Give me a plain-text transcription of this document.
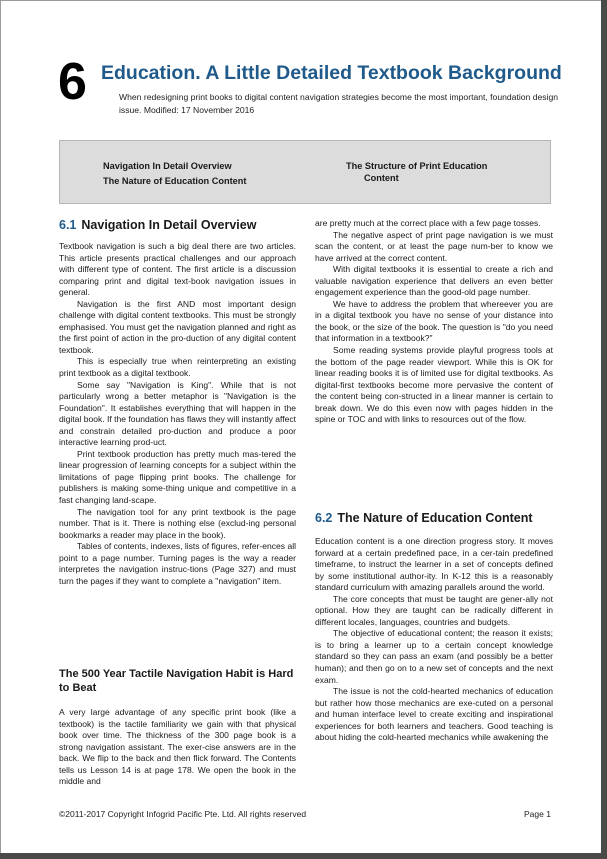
6 Education. A Little Detailed Textbook Background
When redesigning print books to digital content navigation strategies become the most important, foundation design issue. Modified: 17 November 2016
Navigation In Detail Overview
The Nature of Education Content
The Structure of Print Education
Content
6.1 Navigation In Detail Overview

Textbook navigation is such a big deal there are two articles. This article presents practical challenges and our approach with different type of content. The first article is a discussion comparing print and digital text-book navigation issues in general.

Navigation is the first AND most important design challenge with digital content textbooks. This must be strongly emphasised. You must get the navigation planned and right as the first point of action in the pro-duction of any digital content textbook.

This is especially true when reinterpreting an existing print textbook as a digital textbook.

Some say "Navigation is King". While that is not particularly wrong a better metaphor is "Navigation is the Foundation". It establishes everything that will happen in the digital book. If the foundation has flaws they will instantly affect and constrain detailed pro-duction and produce a poor interactive learning prod-uct.

Print textbook production has pretty much mas-tered the linear progression of learning concepts for a subject within the limitations of page flipping print books. The challenge for publishers is making some-thing unique and competitive in a fast changing land-scape.

The navigation tool for any print textbook is the page number. That is it. There is nothing else (exclud-ing personal bookmarks a reader may place in the book).

Tables of contents, indexes, lists of figures, refer-ences all point to a page number. Turning pages is the way a reader interpretes the navigation instruc-tions (Page 327) and must turn the pages if they want to complete a "navigation" item.

The 500 Year Tactile Navigation Habit is Hard to Beat

A very large advantage of any specific print book (like a textbook) is the tactile familiarity we gain with that physical book over time. The thickness of the 300 page book is a strong navigation assistant. The exer-cise answers are in the back. We flip to the back and then flick forward. The Contents tells us Lesson 14 is at page 178. We open the book in the middle and

are pretty much at the correct place with a few page tosses.

The negative aspect of print page navigation is we must scan the content, or at least the page num-ber to know we have arrived at the correct content.

With digital textbooks it is essential to create a rich and valuable navigation experience that delivers an even better engagement experience than the good-old page number.

We have to address the problem that whereever you are in a digital textbook you have no sense of your distance into the book, or the size of the book. The question is "do you need that information in a textbook?"

Some reading systems provide playful progress tools at the bottom of the page reader viewport. While this is OK for linear reading books it is of limited use for digital textbooks. As digital-first textbooks become more pervasive the content of the content being con-structed in a linear manner is certain to break down. We do this even now with pages hidden in the spine or TOC and with links to resources out of the flow.

6.2 The Nature of Education Content

Education content is a one direction progress story. It moves forward at a certain predefined pace, in a cer-tain predefined timeframe, to instruct the learner in a set of concepts defined by some institutional author-ity. In K-12 this is a reasonably standard curriculum with amazing parallels around the world.

The core concepts that must be taught are gener-ally not optional. How they are taught can be radically different in different locales, languages, countries and budgets.

The objective of educational content; the reason it exists; is to bring a learner up to a certain concept knowledge standard so they can pass an exam (and possibly be a better human); and then go on to a new set of concepts and the next exam.

The issue is not the cold-hearted mechanics of education but rather how those mechanics are exe-cuted on a personal and human interface level to create exciting and inspirational experiences for both learners and teachers. Good teaching is about hiding the cold-hearted mechanics while awakening the

©2011-2017 Copyright Infogrid Pacific Pte. Ltd. All rights reserved	Page 1
